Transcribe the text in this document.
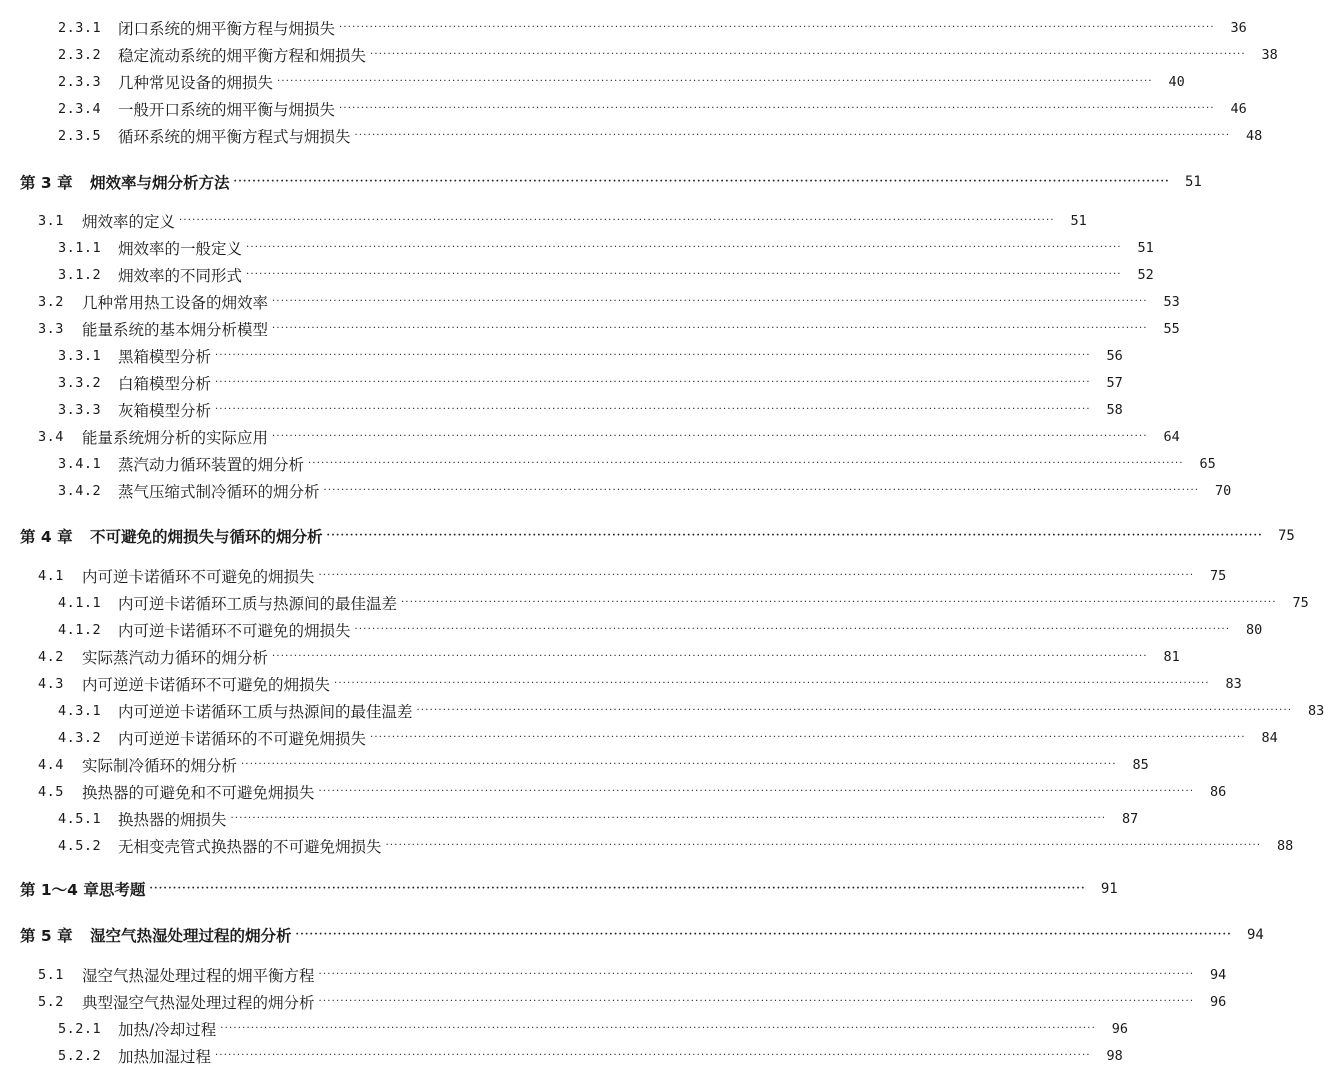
2.3.1	闭口系统的㶲平衡方程与㶲损失 ········································································································································································································	36
2.3.2	稳定流动系统的㶲平衡方程和㶲损失 ········································································································································································································	38
2.3.3	几种常见设备的㶲损失 ········································································································································································································	40
2.3.4	一般开口系统的㶲平衡与㶲损失 ········································································································································································································	46
2.3.5	循环系统的㶲平衡方程式与㶲损失 ········································································································································································································	48
第 3 章	㶲效率与㶲分析方法 ········································································································································································································	51
3.1	㶲效率的定义 ········································································································································································································	51
3.1.1	㶲效率的一般定义 ········································································································································································································	51
3.1.2	㶲效率的不同形式 ········································································································································································································	52
3.2	几种常用热工设备的㶲效率 ········································································································································································································	53
3.3	能量系统的基本㶲分析模型 ········································································································································································································	55
3.3.1	黑箱模型分析 ········································································································································································································	56
3.3.2	白箱模型分析 ········································································································································································································	57
3.3.3	灰箱模型分析 ········································································································································································································	58
3.4	能量系统㶲分析的实际应用 ········································································································································································································	64
3.4.1	蒸汽动力循环装置的㶲分析 ········································································································································································································	65
3.4.2	蒸气压缩式制冷循环的㶲分析 ········································································································································································································	70
第 4 章	不可避免的㶲损失与循环的㶲分析 ········································································································································································································	75
4.1	内可逆卡诺循环不可避免的㶲损失 ········································································································································································································	75
4.1.1	内可逆卡诺循环工质与热源间的最佳温差 ········································································································································································································	75
4.1.2	内可逆卡诺循环不可避免的㶲损失 ········································································································································································································	80
4.2	实际蒸汽动力循环的㶲分析 ········································································································································································································	81
4.3	内可逆逆卡诺循环不可避免的㶲损失 ········································································································································································································	83
4.3.1	内可逆逆卡诺循环工质与热源间的最佳温差 ········································································································································································································	83
4.3.2	内可逆逆卡诺循环的不可避免㶲损失 ········································································································································································································	84
4.4	实际制冷循环的㶲分析 ········································································································································································································	85
4.5	换热器的可避免和不可避免㶲损失 ········································································································································································································	86
4.5.1	换热器的㶲损失 ········································································································································································································	87
4.5.2	无相变壳管式换热器的不可避免㶲损失 ········································································································································································································	88
第 1～4 章思考题 ········································································································································································································	91
第 5 章	湿空气热湿处理过程的㶲分析 ········································································································································································································	94
5.1	湿空气热湿处理过程的㶲平衡方程 ········································································································································································································	94
5.2	典型湿空气热湿处理过程的㶲分析 ········································································································································································································	96
5.2.1	加热/冷却过程 ········································································································································································································	96
5.2.2	加热加湿过程 ········································································································································································································	98
